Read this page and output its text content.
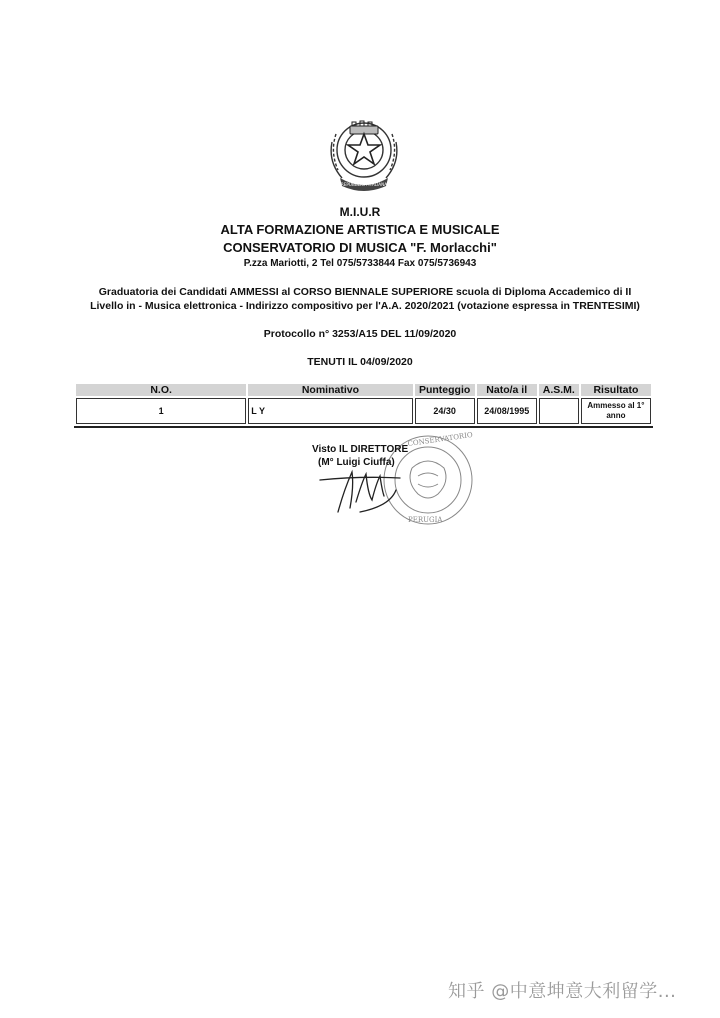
REPUBBLICA ITALIANA
M.I.U.R
ALTA FORMAZIONE ARTISTICA E MUSICALE
CONSERVATORIO DI MUSICA "F. Morlacchi"
P.zza Mariotti, 2 Tel 075/5733844 Fax 075/5736943
Graduatoria dei Candidati AMMESSI al CORSO BIENNALE SUPERIORE scuola di Diploma Accademico di II
Livello in - Musica elettronica - Indirizzo compositivo per l'A.A. 2020/2021 (votazione espressa in TRENTESIMI)
Protocollo n° 3253/A15 DEL 11/09/2020
TENUTI IL 04/09/2020
N.O.	Nominativo	Punteggio	Nato/a il	A.S.M.	Risultato
1	L Y	24/30	24/08/1995		Ammesso al 1°
anno
CONSERVATORIO
PERUGIA
Visto IL DIRETTORE
(M° Luigi Ciuffa)
知乎 @中意坤意大利留学...
